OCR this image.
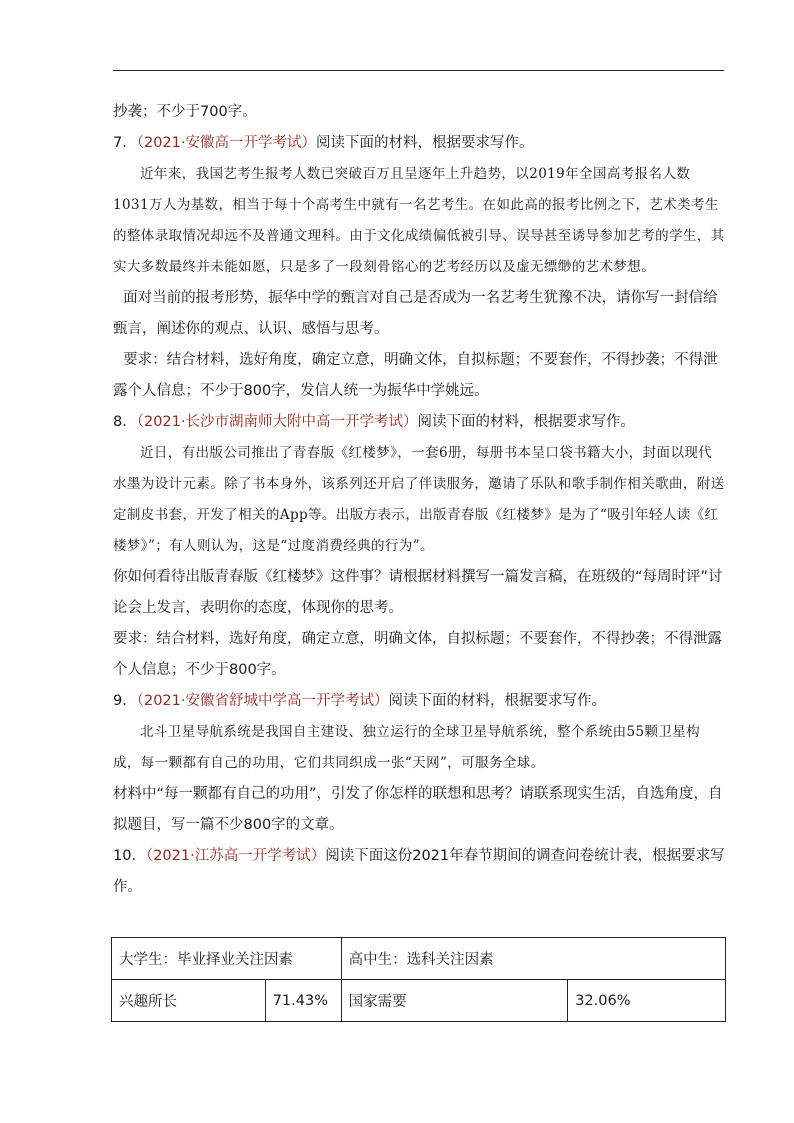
抄袭；不少于700字。

7．（2021·安徽高一开学考试）阅读下面的材料，根据要求写作。

近年来，我国艺考生报考人数已突破百万且呈逐年上升趋势，以2019年全国高考报名人数1031万人为基数，相当于每十个高考生中就有一名艺考生。在如此高的报考比例之下，艺术类考生的整体录取情况却远不及普通文理科。由于文化成绩偏低被引导、误导甚至诱导参加艺考的学生，其实大多数最终并未能如愿，只是多了一段刻骨铭心的艺考经历以及虚无缥缈的艺术梦想。

面对当前的报考形势，振华中学的甄言对自己是否成为一名艺考生犹豫不决，请你写一封信给甄言，阐述你的观点、认识、感悟与思考。

要求：结合材料，选好角度，确定立意，明确文体，自拟标题；不要套作，不得抄袭；不得泄露个人信息；不少于800字，发信人统一为振华中学姚远。

8．（2021·长沙市湖南师大附中高一开学考试）阅读下面的材料，根据要求写作。

近日，有出版公司推出了青春版《红楼梦》，一套6册，每册书本呈口袋书籍大小，封面以现代水墨为设计元素。除了书本身外，该系列还开启了伴读服务，邀请了乐队和歌手制作相关歌曲，附送定制皮书套，开发了相关的App等。出版方表示，出版青春版《红楼梦》是为了“吸引年轻人读《红楼梦》”；有人则认为，这是“过度消费经典的行为”。

你如何看待出版青春版《红楼梦》这件事？请根据材料撰写一篇发言稿，在班级的“每周时评”讨论会上发言，表明你的态度，体现你的思考。

要求：结合材料，选好角度，确定立意，明确文体，自拟标题；不要套作，不得抄袭；不得泄露个人信息；不少于800字。

9．（2021·安徽省舒城中学高一开学考试）阅读下面的材料，根据要求写作。

北斗卫星导航系统是我国自主建设、独立运行的全球卫星导航系统，整个系统由55颗卫星构成，每一颗都有自己的功用，它们共同织成一张“天网”，可服务全球。

材料中“每一颗都有自己的功用”，引发了你怎样的联想和思考？请联系现实生活，自选角度，自拟题目，写一篇不少800字的文章。

10．（2021·江苏高一开学考试）阅读下面这份2021年春节期间的调查问卷统计表，根据要求写作。

大学生：毕业择业关注因素		高中生：选科关注因素	
兴趣所长	71.43%	国家需要	32.06%
